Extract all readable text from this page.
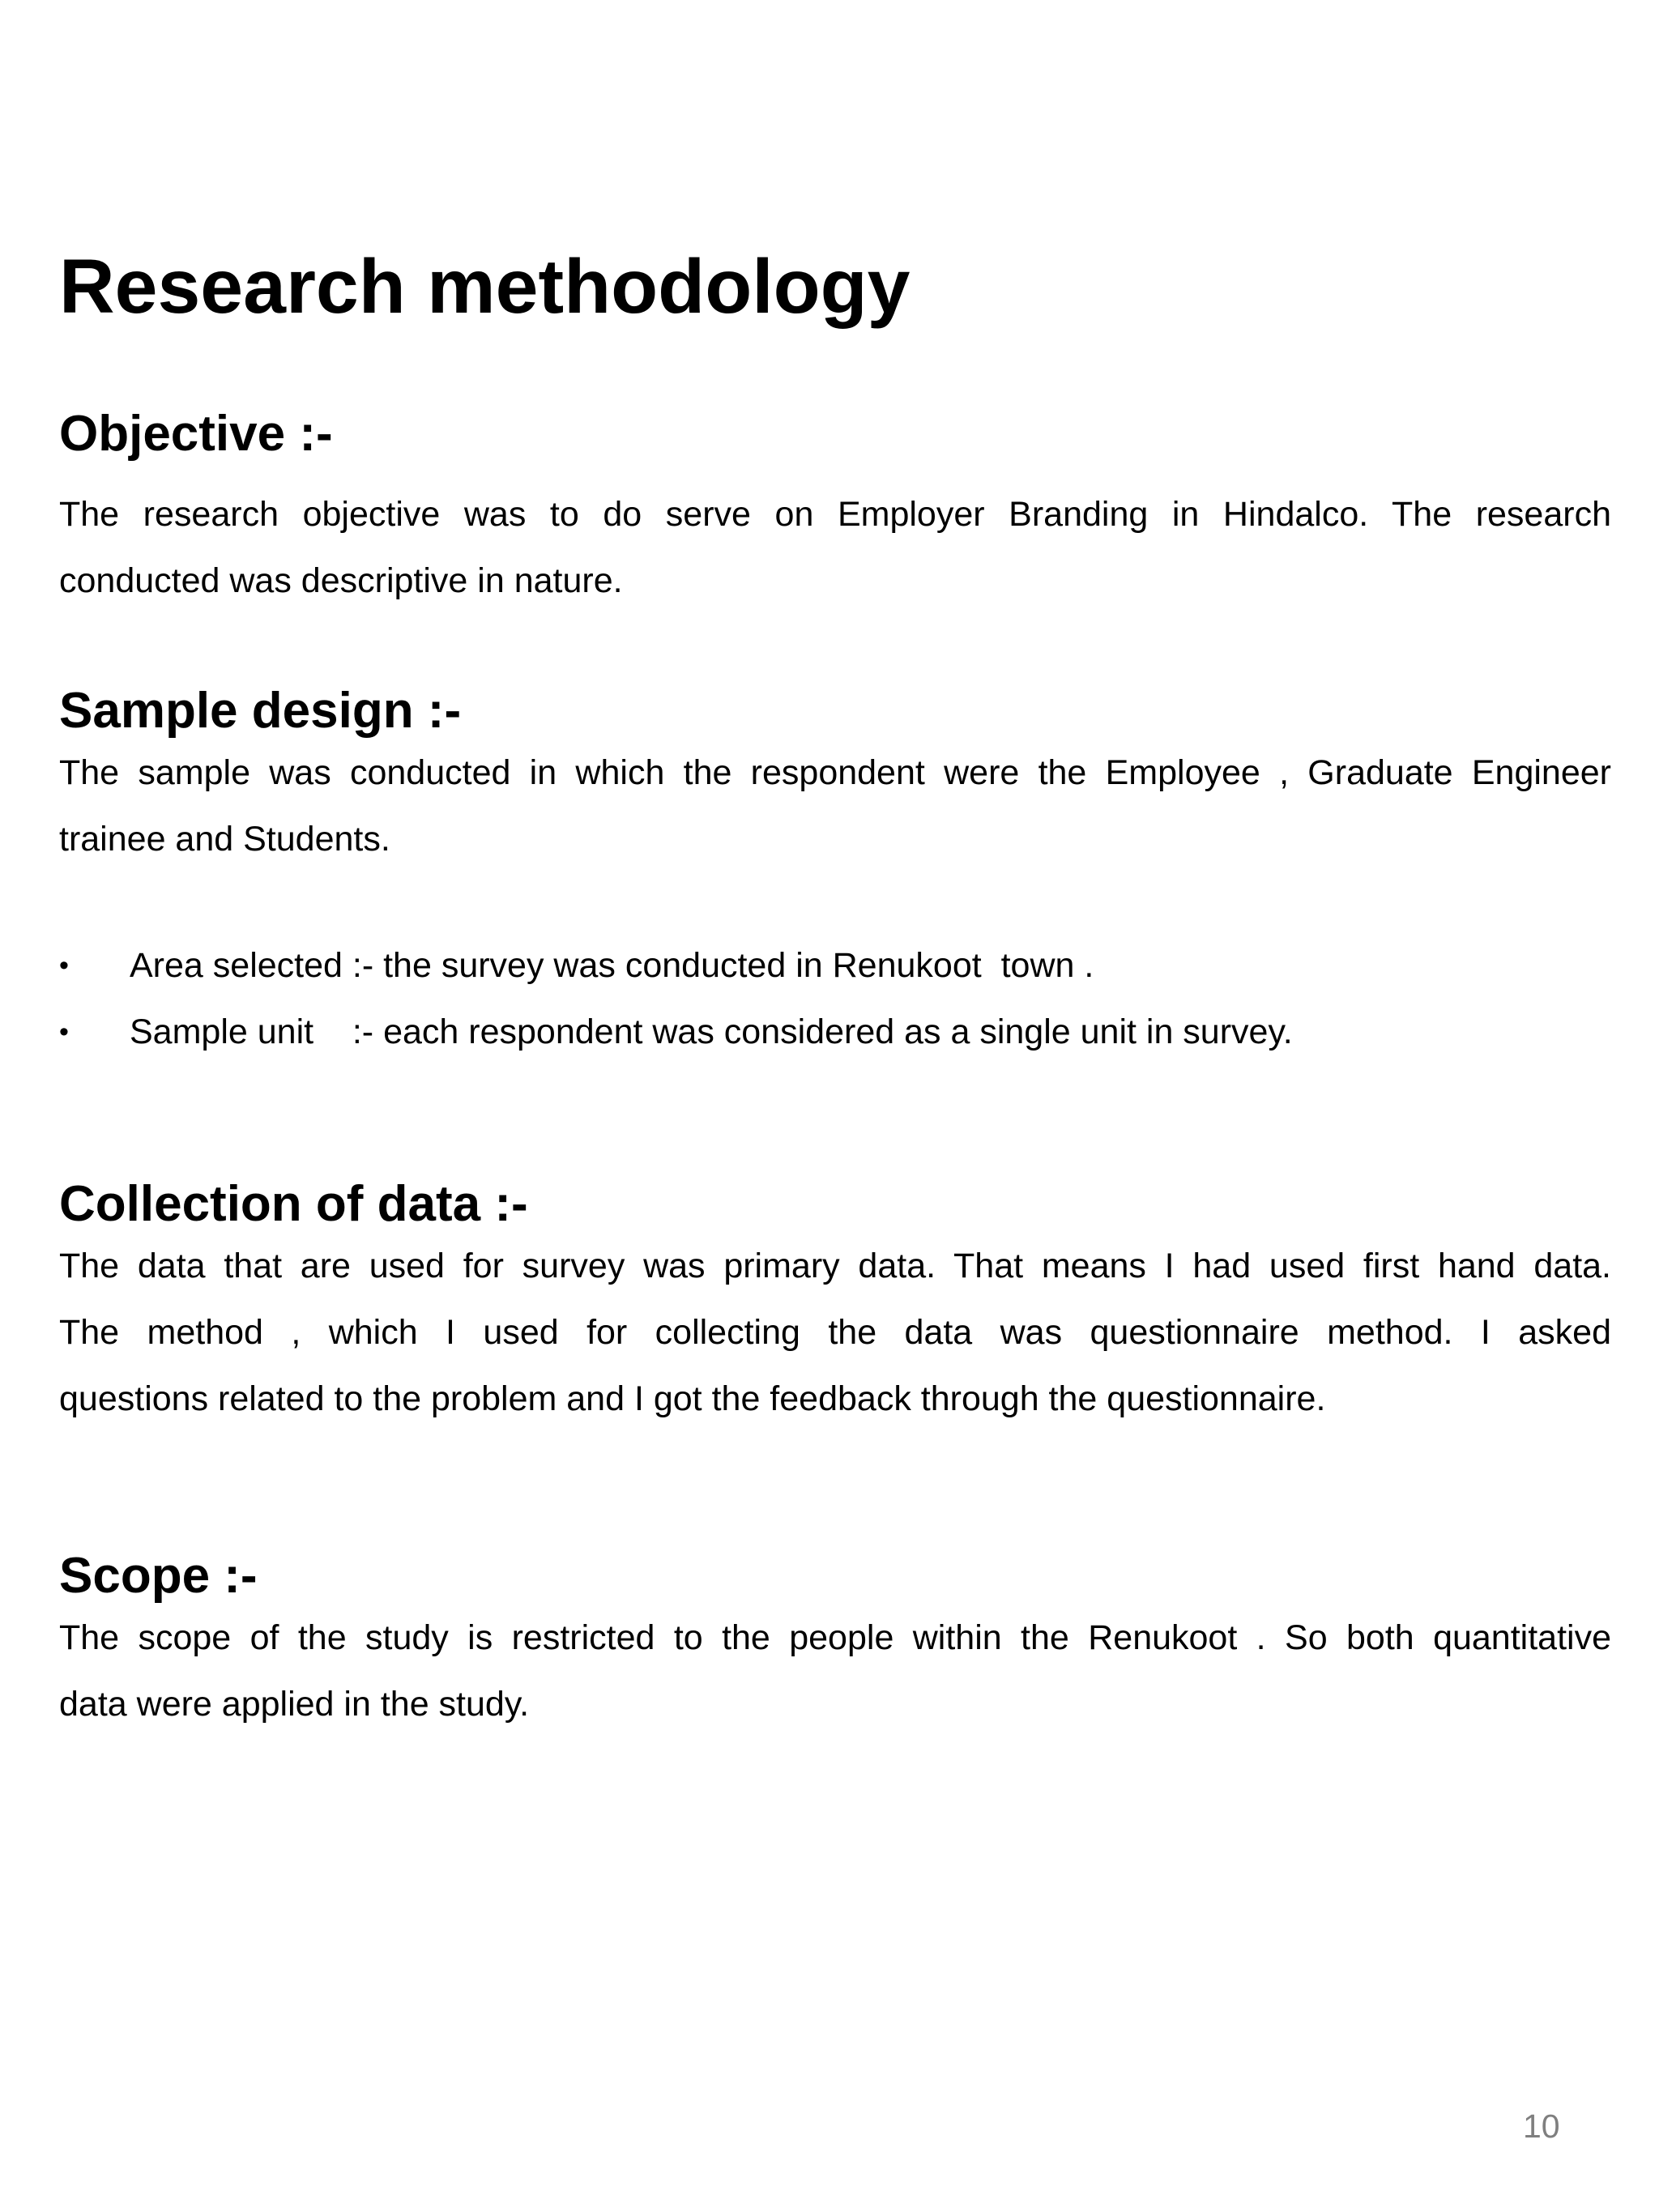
Research methodology
Objective :-

The research objective was to do serve on Employer Branding in Hindalco. The research
conducted was descriptive in nature.

Sample design :-

The sample was conducted in which the respondent were the Employee , Graduate Engineer
trainee and Students.

• Area selected :- the survey was conducted in Renukoot  town .
• Sample unit    :- each respondent was considered as a single unit in survey.
Collection of data :-

The data that are used for survey was primary data. That means I had used first hand data.
The method , which I used for collecting the data was questionnaire method. I asked
questions related to the problem and I got the feedback through the questionnaire.

Scope :-

The scope of the study is restricted to the people within the Renukoot . So both quantitative
data were applied in the study.

10
